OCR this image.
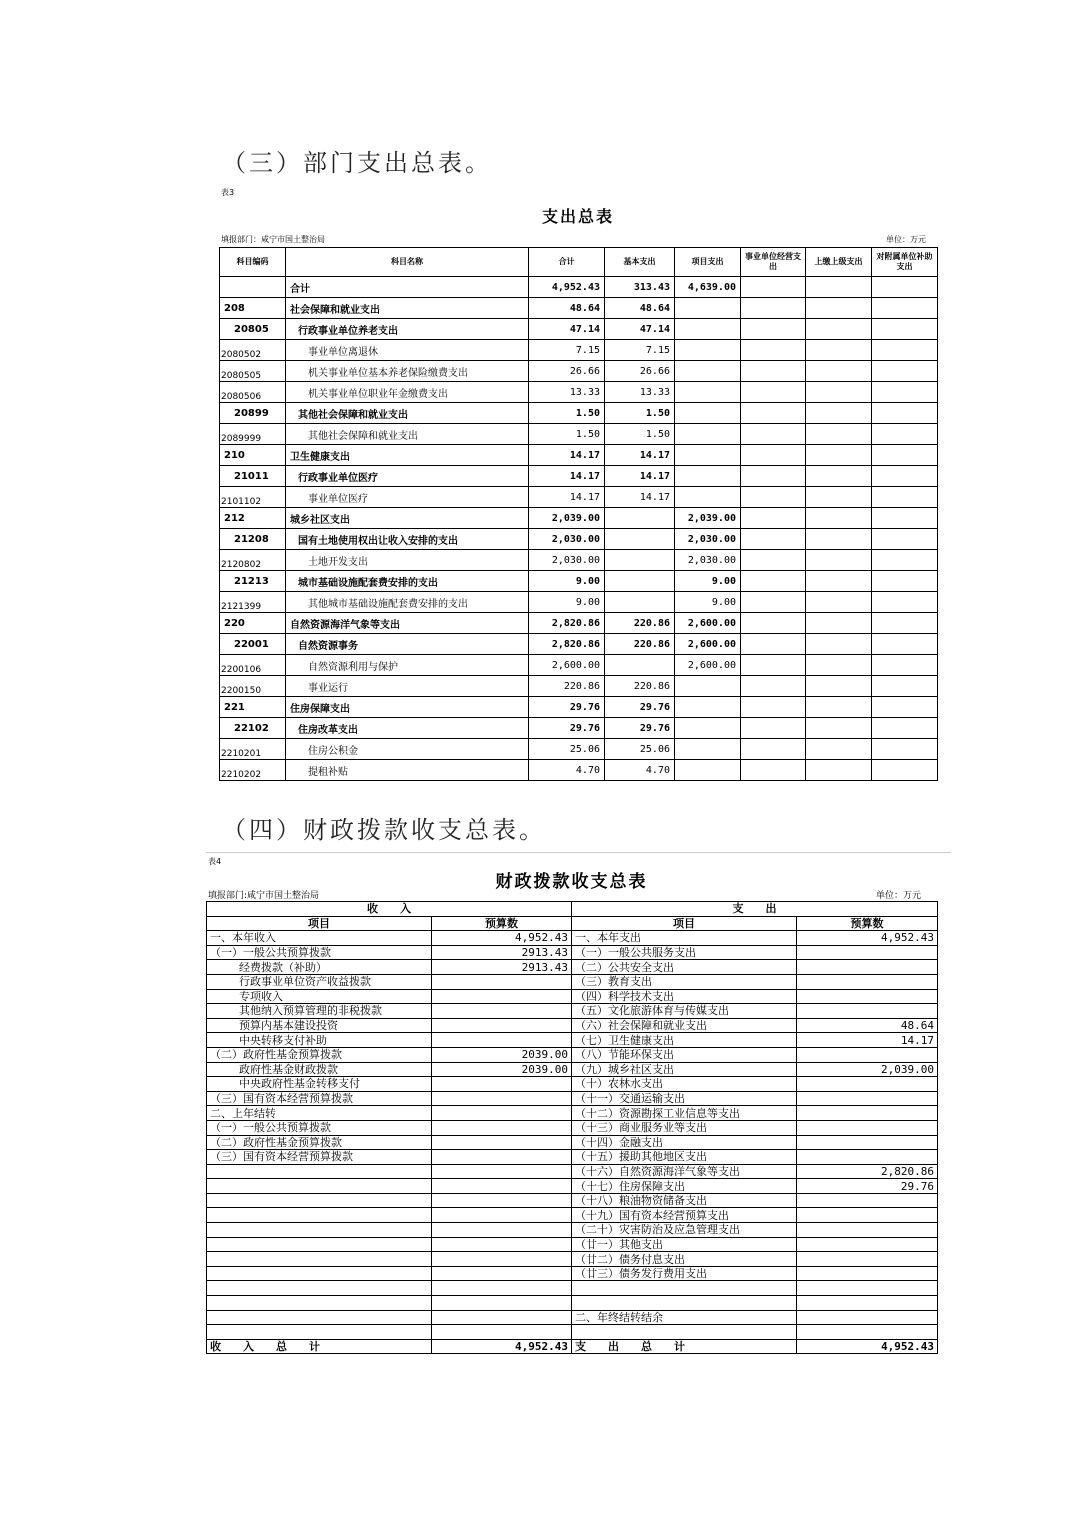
（三）部门支出总表。
表3
支出总表
填报部门：咸宁市国土整治局	单位：万元
科目编码	科目名称	合计	基本支出	项目支出	事业单位经营支出	上缴上级支出	对附属单位补助支出
	合计	4,952.43	313.43	4,639.00			
208	社会保障和就业支出	48.64	48.64				
20805	行政事业单位养老支出	47.14	47.14				
2080502	事业单位离退休	7.15	7.15				
2080505	机关事业单位基本养老保险缴费支出	26.66	26.66				
2080506	机关事业单位职业年金缴费支出	13.33	13.33				
20899	其他社会保障和就业支出	1.50	1.50				
2089999	其他社会保障和就业支出	1.50	1.50				
210	卫生健康支出	14.17	14.17				
21011	行政事业单位医疗	14.17	14.17				
2101102	事业单位医疗	14.17	14.17				
212	城乡社区支出	2,039.00		2,039.00			
21208	国有土地使用权出让收入安排的支出	2,030.00		2,030.00			
2120802	土地开发支出	2,030.00		2,030.00			
21213	城市基础设施配套费安排的支出	9.00		9.00			
2121399	其他城市基础设施配套费安排的支出	9.00		9.00			
220	自然资源海洋气象等支出	2,820.86	220.86	2,600.00			
22001	自然资源事务	2,820.86	220.86	2,600.00			
2200106	自然资源利用与保护	2,600.00		2,600.00			
2200150	事业运行	220.86	220.86				
221	住房保障支出	29.76	29.76				
22102	住房改革支出	29.76	29.76				
2210201	住房公积金	25.06	25.06				
2210202	提租补贴	4.70	4.70				
（四）财政拨款收支总表。
表4
财政拨款收支总表
填报部门:咸宁市国土整治局	单位：万元
收　　入		支　　出	
项目	预算数	项目	预算数
一、本年收入	4,952.43	一、本年支出	4,952.43
（一）一般公共预算拨款	2913.43	（一）一般公共服务支出	
经费拨款（补助）	2913.43	（二）公共安全支出	
行政事业单位资产收益拨款		（三）教育支出	
专项收入		（四）科学技术支出	
其他纳入预算管理的非税拨款		（五）文化旅游体育与传媒支出	
预算内基本建设投资		（六）社会保障和就业支出	48.64
中央转移支付补助		（七）卫生健康支出	14.17
（二）政府性基金预算拨款	2039.00	（八）节能环保支出	
政府性基金财政拨款	2039.00	（九）城乡社区支出	2,039.00
中央政府性基金转移支付		（十）农林水支出	
（三）国有资本经营预算拨款		（十一）交通运输支出	
二、上年结转		（十二）资源勘探工业信息等支出	
（一）一般公共预算拨款		（十三）商业服务业等支出	
（二）政府性基金预算拨款		（十四）金融支出	
（三）国有资本经营预算拨款		（十五）援助其他地区支出	
		（十六）自然资源海洋气象等支出	2,820.86
		（十七）住房保障支出	29.76
		（十八）粮油物资储备支出	
		（十九）国有资本经营预算支出	
		（二十）灾害防治及应急管理支出	
		（廿一）其他支出	
		（廿二）债务付息支出	
		（廿三）债务发行费用支出	

		二、年终结转结余	

收　　入　　总　　计	4,952.43	支　　出　　总　　计	4,952.43
